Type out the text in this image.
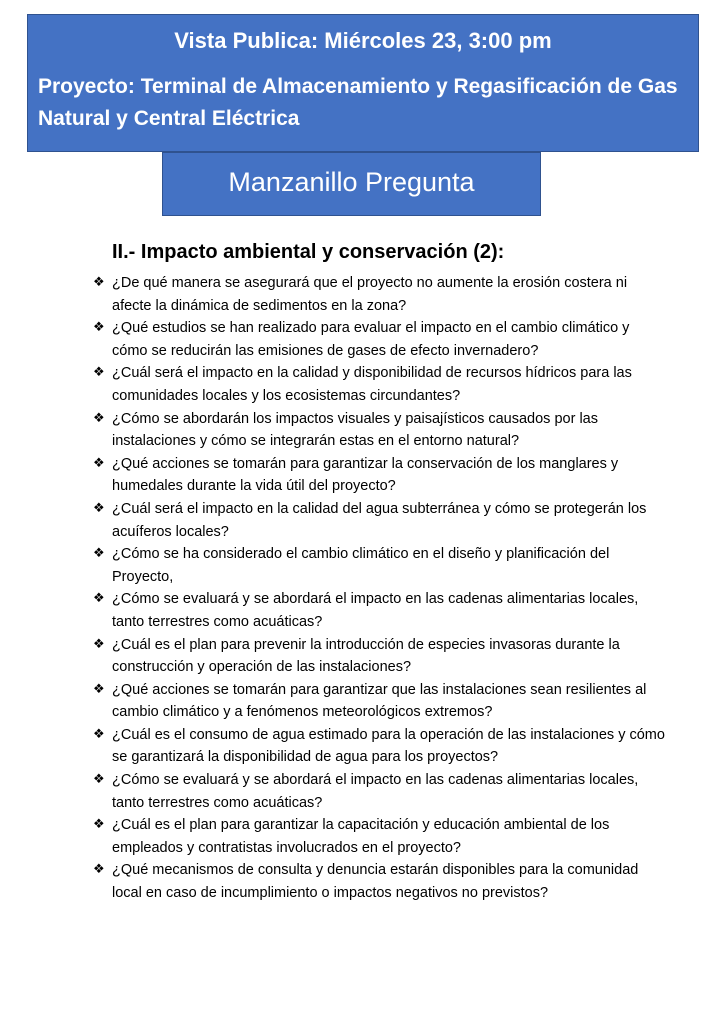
Vista Publica: Miércoles 23, 3:00 pm
Proyecto: Terminal de Almacenamiento y Regasificación de Gas Natural y Central Eléctrica
Manzanillo Pregunta
II.- Impacto ambiental y conservación (2):
❖ ¿De qué manera se asegurará que el proyecto no aumente la erosión costera ni afecte la dinámica de sedimentos en la zona?
❖ ¿Qué estudios se han realizado para evaluar el impacto en el cambio climático y cómo se reducirán las emisiones de gases de efecto invernadero?
❖ ¿Cuál será el impacto en la calidad y disponibilidad de recursos hídricos para las comunidades locales y los ecosistemas circundantes?
❖ ¿Cómo se abordarán los impactos visuales y paisajísticos causados por las instalaciones y cómo se integrarán estas en el entorno natural?
❖ ¿Qué acciones se tomarán para garantizar la conservación de los manglares y humedales durante la vida útil del proyecto?
❖ ¿Cuál será el impacto en la calidad del agua subterránea y cómo se protegerán los acuíferos locales?
❖ ¿Cómo se ha considerado el cambio climático en el diseño y planificación del Proyecto,
❖ ¿Cómo se evaluará y se abordará el impacto en las cadenas alimentarias locales, tanto terrestres como acuáticas?
❖ ¿Cuál es el plan para prevenir la introducción de especies invasoras durante la construcción y operación de las instalaciones?
❖ ¿Qué acciones se tomarán para garantizar que las instalaciones sean resilientes al cambio climático y a fenómenos meteorológicos extremos?
❖ ¿Cuál es el consumo de agua estimado para la operación de las instalaciones y cómo se garantizará la disponibilidad de agua para los proyectos?
❖ ¿Cómo se evaluará y se abordará el impacto en las cadenas alimentarias locales, tanto terrestres como acuáticas?
❖ ¿Cuál es el plan para garantizar la capacitación y educación ambiental de los empleados y contratistas involucrados en el proyecto?
❖ ¿Qué mecanismos de consulta y denuncia estarán disponibles para la comunidad local en caso de incumplimiento o impactos negativos no previstos?
